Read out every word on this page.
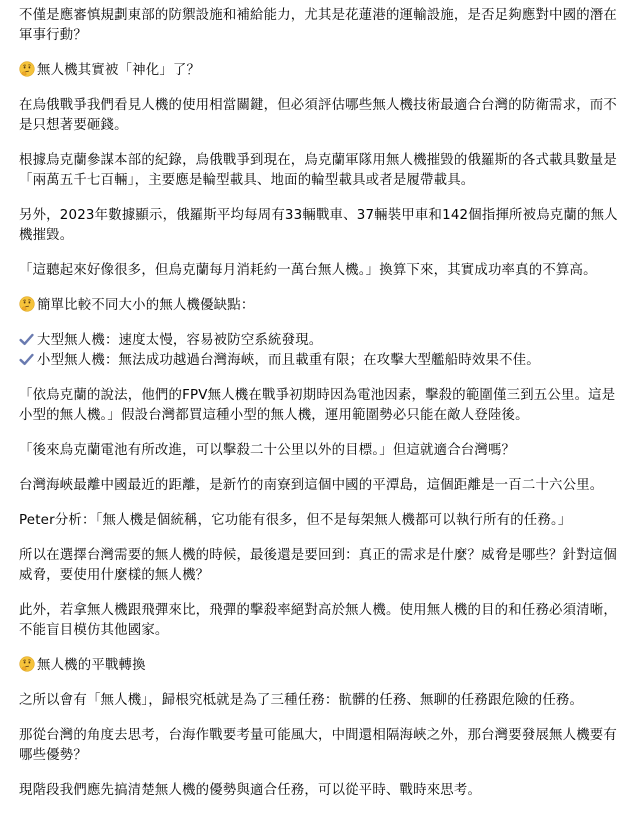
不僅是應審慎規劃東部的防禦設施和補給能力，尤其是花蓮港的運輸設施，是否足夠應對中國的潛在軍事行動？

無人機其實被「神化」了？

在烏俄戰爭我們看見人機的使用相當關鍵，但必須評估哪些無人機技術最適合台灣的防衛需求，而不是只想著要砸錢。

根據烏克蘭參謀本部的紀錄，烏俄戰爭到現在，烏克蘭軍隊用無人機摧毀的俄羅斯的各式載具數量是「兩萬五千七百輛」，主要應是輪型載具、地面的輪型載具或者是履帶載具。

另外，2023年數據顯示，俄羅斯平均每周有33輛戰車、37輛裝甲車和142個指揮所被烏克蘭的無人機摧毀。

「這聽起來好像很多，但烏克蘭每月消耗約一萬台無人機。」換算下來，其實成功率真的不算高。

簡單比較不同大小的無人機優缺點：

大型無人機：速度太慢，容易被防空系統發現。

小型無人機：無法成功越過台灣海峽，而且載重有限；在攻擊大型艦船時效果不佳。

「依烏克蘭的說法，他們的FPV無人機在戰爭初期時因為電池因素，擊殺的範圍僅三到五公里。這是小型的無人機。」假設台灣都買這種小型的無人機，運用範圍勢必只能在敵人登陸後。

「後來烏克蘭電池有所改進，可以擊殺二十公里以外的目標。」但這就適合台灣嗎？

台灣海峽最離中國最近的距離，是新竹的南寮到這個中國的平潭島，這個距離是一百二十六公里。

Peter分析：「無人機是個統稱，它功能有很多，但不是每架無人機都可以執行所有的任務。」

所以在選擇台灣需要的無人機的時候，最後還是要回到：真正的需求是什麼？威脅是哪些？針對這個威脅，要使用什麼樣的無人機？

此外，若拿無人機跟飛彈來比，飛彈的擊殺率絕對高於無人機。使用無人機的目的和任務必須清晰，不能盲目模仿其他國家。

無人機的平戰轉換

之所以會有「無人機」，歸根究柢就是為了三種任務：骯髒的任務、無聊的任務跟危險的任務。

那從台灣的角度去思考，台海作戰要考量可能風大，中間還相隔海峽之外，那台灣要發展無人機要有哪些優勢？

現階段我們應先搞清楚無人機的優勢與適合任務，可以從平時、戰時來思考。
